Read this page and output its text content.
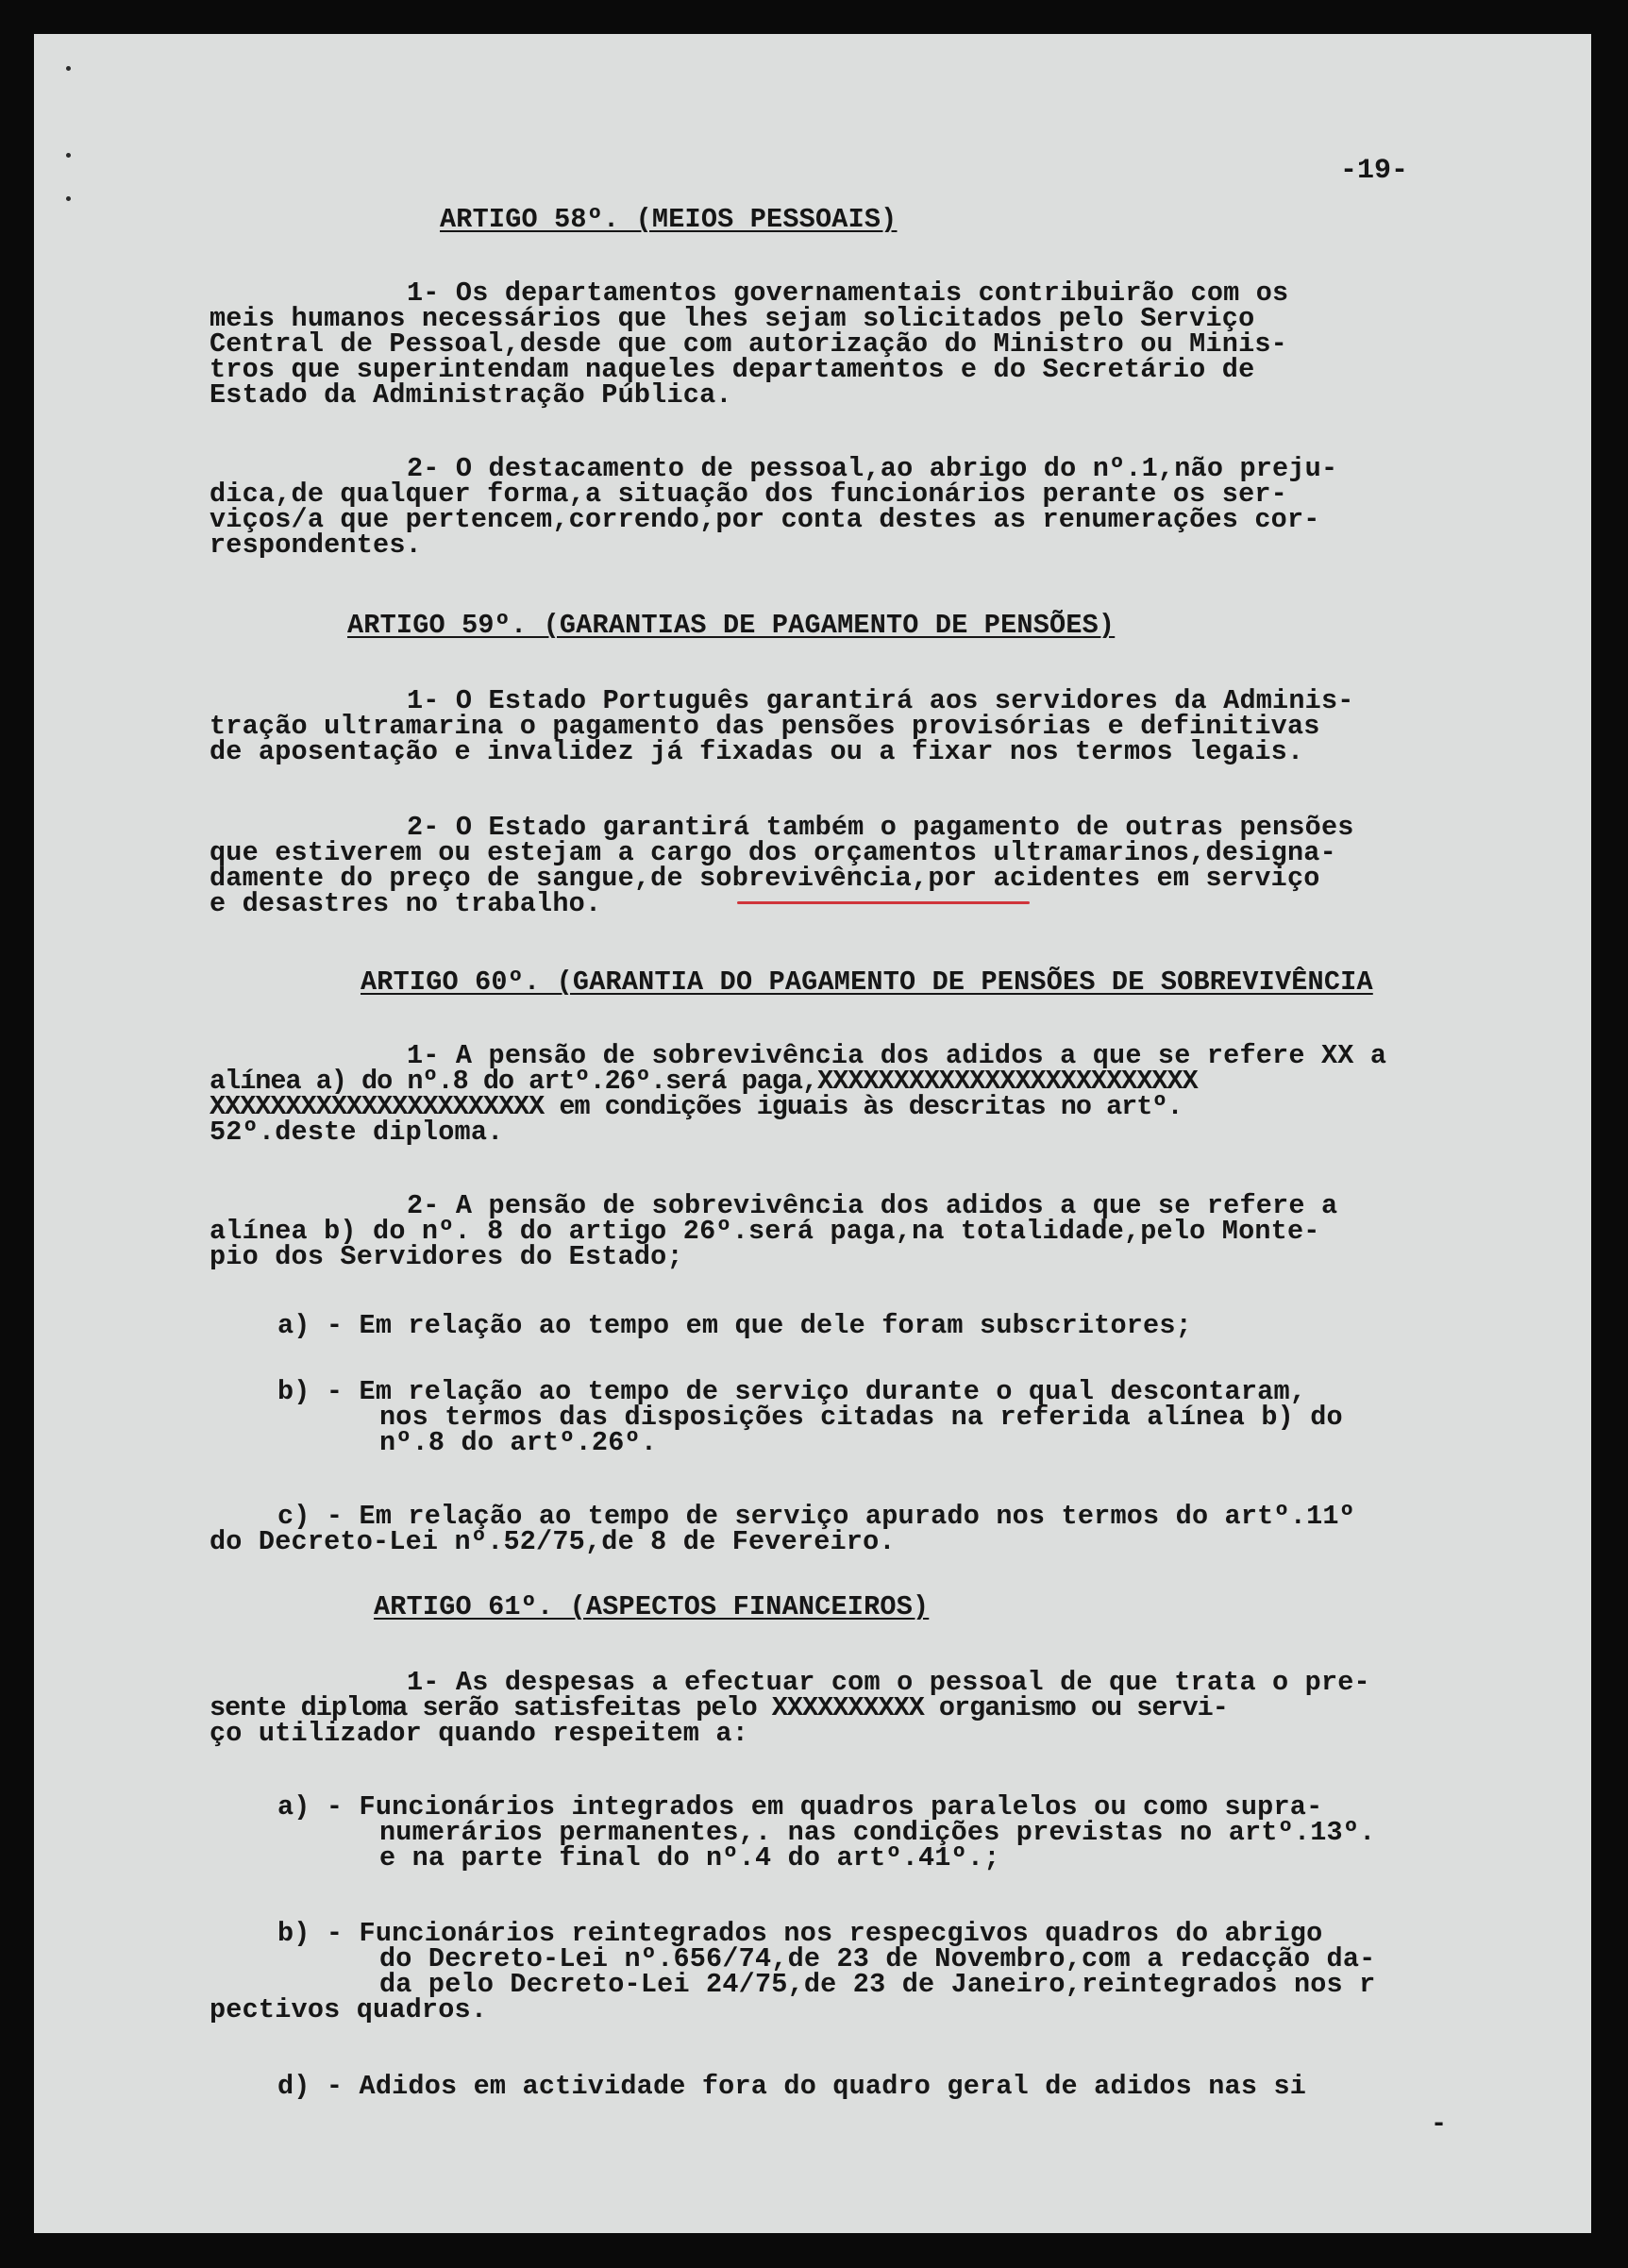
-19-
ARTIGO 58º. (MEIOS PESSOAIS)
1- Os departamentos governamentais contribuirão com os
meis humanos necessários que lhes sejam solicitados pelo Serviço
Central de Pessoal,desde que com autorização do Ministro ou Minis-
tros que superintendam naqueles departamentos e do Secretário de
Estado da Administração Pública.
2- O destacamento de pessoal,ao abrigo do nº.1,não preju-
dica,de qualquer forma,a situação dos funcionários perante os ser-
viços/a que pertencem,correndo,por conta destes as renumerações cor-
respondentes.
ARTIGO 59º. (GARANTIAS DE PAGAMENTO DE PENSÕES)
1- O Estado Português garantirá aos servidores da Adminis-
tração ultramarina o pagamento das pensões provisórias e definitivas
de aposentação e invalidez já fixadas ou a fixar nos termos legais.
2- O Estado garantirá também o pagamento de outras pensões
que estiverem ou estejam a cargo dos orçamentos ultramarinos,designa-
damente do preço de sangue,de sobrevivência,por acidentes em serviço
e desastres no trabalho.
ARTIGO 60º. (GARANTIA DO PAGAMENTO DE PENSÕES DE SOBREVIVÊNCIA
1- A pensão de sobrevivência dos adidos a que se refere XX a
alínea a) do nº.8 do artº.26º.será paga,XXXXXXXXXXXXXXXXXXXXXXXXX
XXXXXXXXXXXXXXXXXXXXXX em condições iguais às descritas no artº.
52º.deste diploma.
2- A pensão de sobrevivência dos adidos a que se refere a
alínea b) do nº. 8 do artigo 26º.será paga,na totalidade,pelo Monte-
pio dos Servidores do Estado;
a) - Em relação ao tempo em que dele foram subscritores;
b) - Em relação ao tempo de serviço durante o qual descontaram,
nos termos das disposições citadas na referida alínea b) do
nº.8 do artº.26º.
c) - Em relação ao tempo de serviço apurado nos termos do artº.11º
do Decreto-Lei nº.52/75,de 8 de Fevereiro.
ARTIGO 61º. (ASPECTOS FINANCEIROS)
1- As despesas a efectuar com o pessoal de que trata o pre-
sente diploma serão satisfeitas pelo XXXXXXXXXX organismo ou servi-
ço utilizador quando respeitem a:
a) - Funcionários integrados em quadros paralelos ou como supra-
numerários permanentes,. nas condições previstas no artº.13º.
e na parte final do nº.4 do artº.41º.;
b) - Funcionários reintegrados nos respecgivos quadros do abrigo
do Decreto-Lei nº.656/74,de 23 de Novembro,com a redacção da-
da pelo Decreto-Lei 24/75,de 23 de Janeiro,reintegrados nos r
pectivos quadros.
d) - Adidos em actividade fora do quadro geral de adidos nas si
-
